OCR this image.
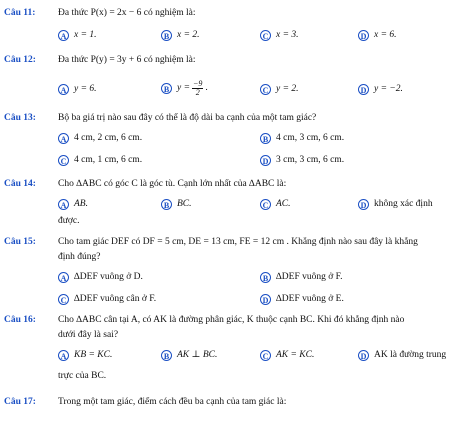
Câu 11: Đa thức P(x) = 2x − 6 có nghiệm là:
A x = 1.	B x = 2.	C x = 3.	D x = 6.
Câu 12: Đa thức P(y) = 3y + 6 có nghiệm là:
A y = 6.	B $y = \frac{-9}{2}$ .	C y = 2.	D y = −2.
Câu 13: Bộ ba giá trị nào sau đây có thể là độ dài ba cạnh của một tam giác?
A 4 cm, 2 cm, 6 cm.	B 4 cm, 3 cm, 6 cm.
C 4 cm, 1 cm, 6 cm.	D 3 cm, 3 cm, 6 cm.
Câu 14: Cho ∆ABC có góc C là góc tù. Cạnh lớn nhất của ∆ABC là:
A AB.	B BC.	C AC.	D không xác định
được.
Câu 15: Cho tam giác DEF có DF = 5 cm, DE = 13 cm, FE = 12 cm . Khẳng định nào sau đây là khẳng
định đúng?
A ∆DEF vuông ở D.	B ∆DEF vuông ở F.
C ∆DEF vuông cân ở F.	D ∆DEF vuông ở E.
Câu 16: Cho ∆ABC cân tại A, có AK là đường phân giác, K thuộc cạnh BC. Khi đó khẳng định nào
dưới đây là sai?
A KB = KC.	B AK ⊥ BC.	C AK = KC.	D AK là đường trung
trực của BC.
Câu 17: Trong một tam giác, điểm cách đều ba cạnh của tam giác là:
